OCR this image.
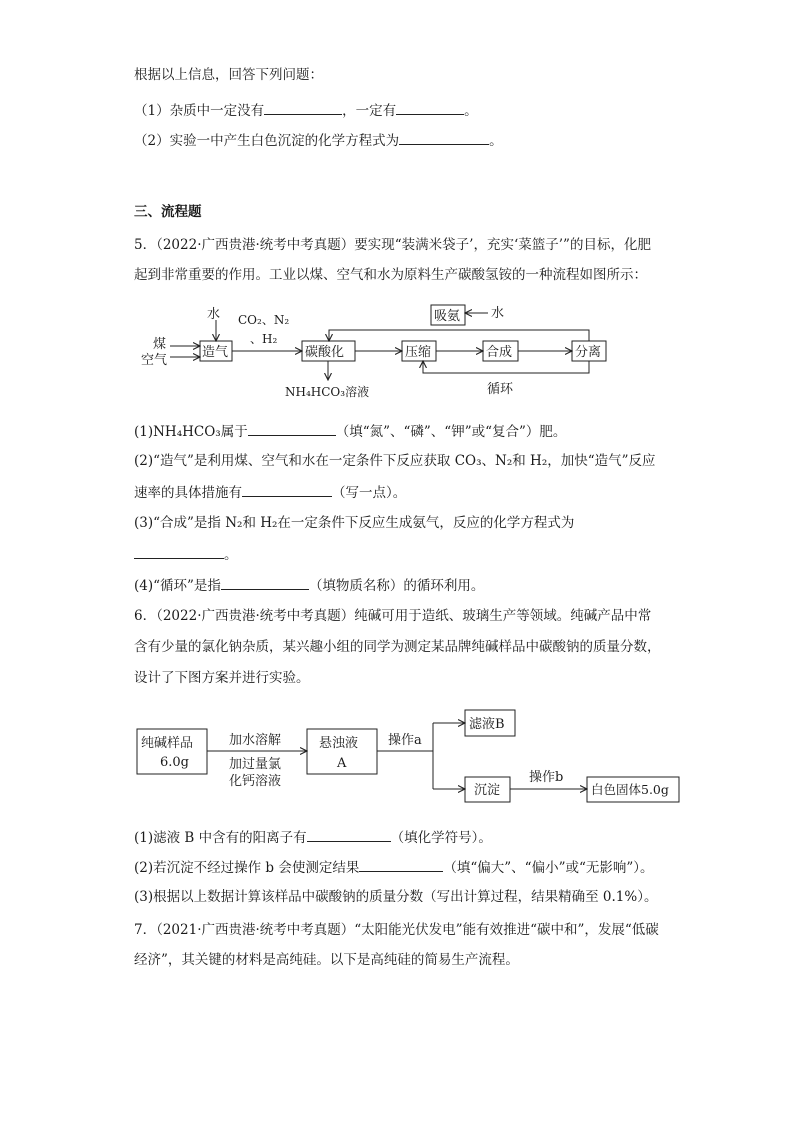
根据以上信息，回答下列问题：
（1）杂质中一定没有	，一定有	。
（2）实验一中产生白色沉淀的化学方程式为	。
三、流程题
5．（2022·广西贵港·统考中考真题）要实现“装满米袋子’，充实‘菜篮子’”的目标，化肥
起到非常重要的作用。工业以煤、空气和水为原料生产碳酸氢铵的一种流程如图所示：
水
煤
空气
造气
CO₂、N₂
、H₂
碳酸化
NH₄HCO₃溶液
压缩	合成	分离
吸氨 水
循环
(1)NH₄HCO₃属于	（填“氮”、“磷”、“钾”或“复合”）肥。
(2)“造气”是利用煤、空气和水在一定条件下反应获取 CO₃、N₂和 H₂，加快“造气”反应
速率的具体措施有	（写一点）。
(3)“合成”是指 N₂和 H₂在一定条件下反应生成氨气，反应的化学方程式为
。
(4)“循环”是指	（填物质名称）的循环利用。
6．（2022·广西贵港·统考中考真题）纯碱可用于造纸、玻璃生产等领域。纯碱产品中常
含有少量的氯化钠杂质，某兴趣小组的同学为测定某品牌纯碱样品中碳酸钠的质量分数，
设计了下图方案并进行实验。
纯碱样品
6.0g
加水溶解
加过量氯
化钙溶液
悬浊液
A
操作a
滤液B
沉淀
操作b
白色固体5.0g
(1)滤液 B 中含有的阳离子有	（填化学符号）。
(2)若沉淀不经过操作 b 会使测定结果	（填“偏大”、“偏小”或“无影响”）。
(3)根据以上数据计算该样品中碳酸钠的质量分数（写出计算过程，结果精确至 0.1%）。
7．（2021·广西贵港·统考中考真题）“太阳能光伏发电”能有效推进“碳中和”，发展“低碳
经济”，其关键的材料是高纯硅。以下是高纯硅的简易生产流程。
